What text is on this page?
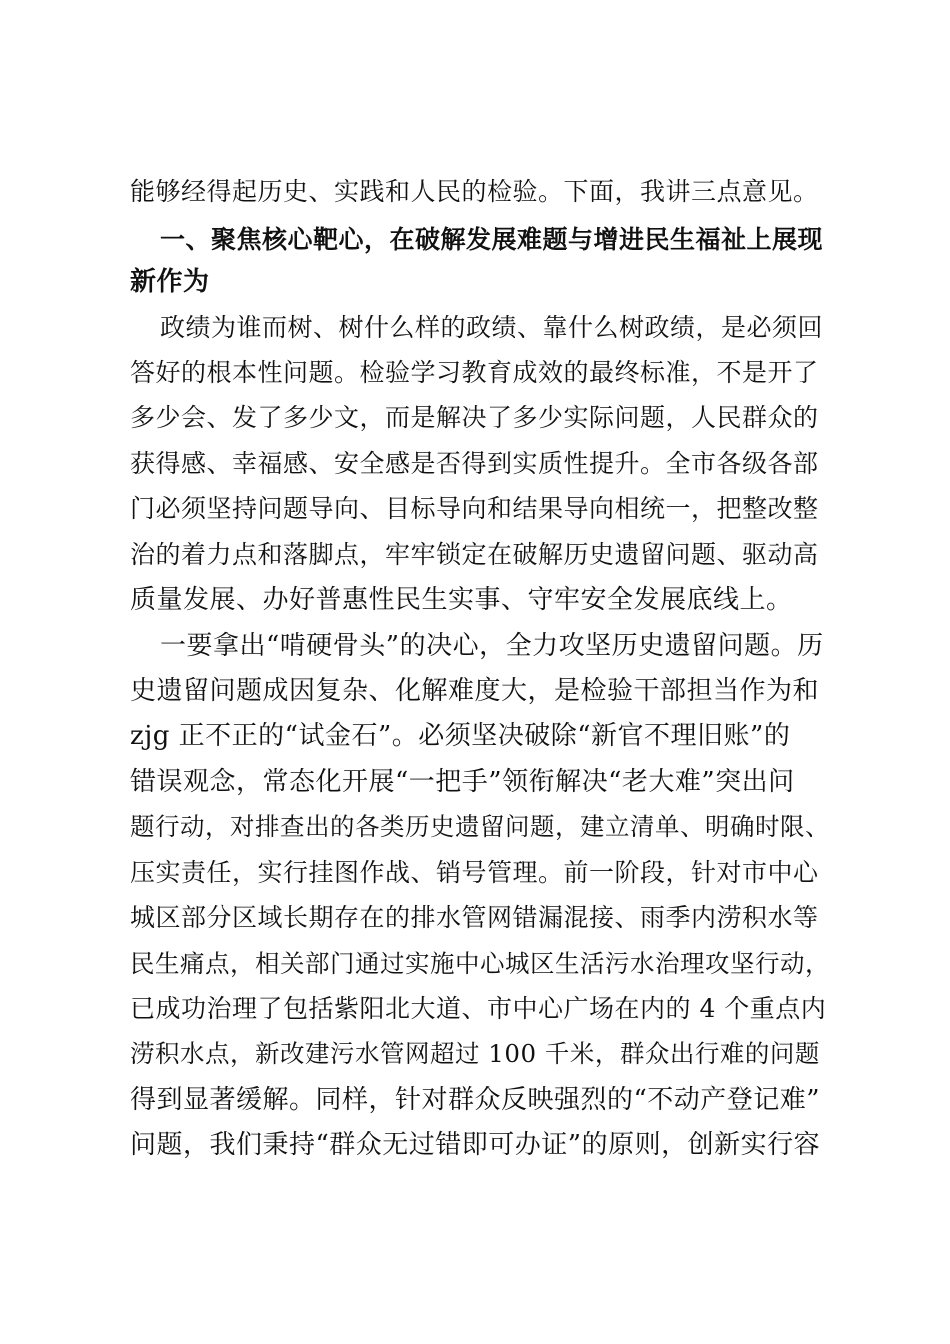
能够经得起历史、实践和人民的检验。下面，我讲三点意见。
一、聚焦核心靶心，在破解发展难题与增进民生福祉上展现
新作为
政绩为谁而树、树什么样的政绩、靠什么树政绩，是必须回
答好的根本性问题。检验学习教育成效的最终标准，不是开了
多少会、发了多少文，而是解决了多少实际问题，人民群众的
获得感、幸福感、安全感是否得到实质性提升。全市各级各部
门必须坚持问题导向、目标导向和结果导向相统一，把整改整
治的着力点和落脚点，牢牢锁定在破解历史遗留问题、驱动高
质量发展、办好普惠性民生实事、守牢安全发展底线上。
一要拿出“啃硬骨头”的决心，全力攻坚历史遗留问题。历
史遗留问题成因复杂、化解难度大，是检验干部担当作为和
zjg 正不正的“试金石”。必须坚决破除“新官不理旧账”的
错误观念，常态化开展“一把手”领衔解决“老大难”突出问
题行动，对排查出的各类历史遗留问题，建立清单、明确时限、
压实责任，实行挂图作战、销号管理。前一阶段，针对市中心
城区部分区域长期存在的排水管网错漏混接、雨季内涝积水等
民生痛点，相关部门通过实施中心城区生活污水治理攻坚行动，
已成功治理了包括紫阳北大道、市中心广场在内的 4 个重点内
涝积水点，新改建污水管网超过 100 千米，群众出行难的问题
得到显著缓解。同样，针对群众反映强烈的“不动产登记难”
问题，我们秉持“群众无过错即可办证”的原则，创新实行容
